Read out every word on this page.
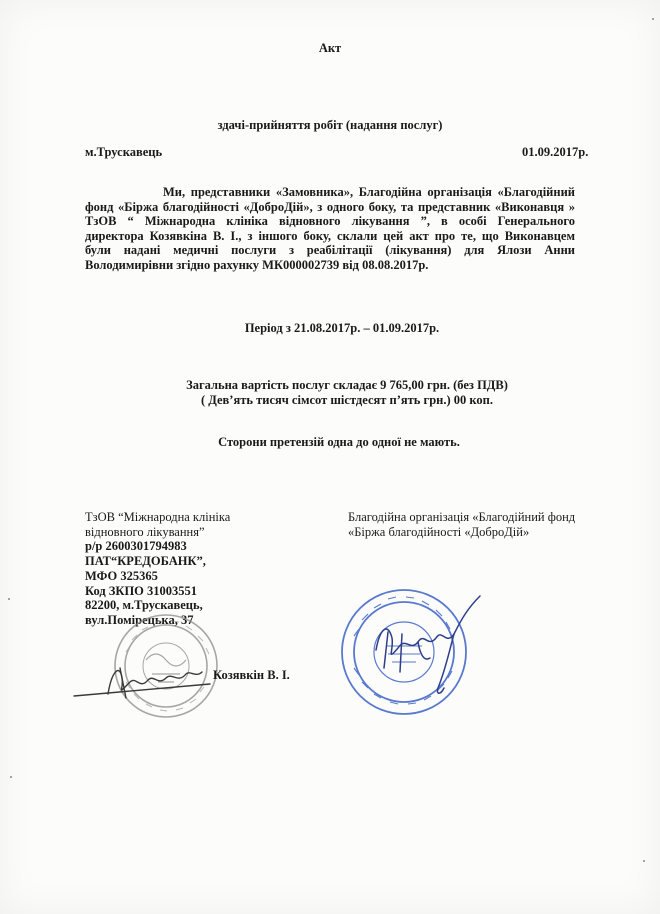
Акт
здачі-прийняття робіт (надання послуг)
м.Трускавець	01.09.2017р.
Ми, представники «Замовника», Благодійна організація «Благодійний
фонд «Біржа благодійності «ДоброДій», з одного боку, та представник «Виконавця »
ТзОВ “ Міжнародна клініка відновного лікування ”, в особі Генерального
директора Козявкіна В. І., з іншого боку, склали цей акт про те, що Виконавцем
були надані медичні послуги з реабілітації (лікування) для Ялози Анни
Володимирівни згідно рахунку МК000002739 від 08.08.2017р.
Період з 21.08.2017р. – 01.09.2017р.
Загальна вартість послуг складає 9 765,00 грн. (без ПДВ)
( Дев’ять тисяч сімсот шістдесят п’ять грн.) 00 коп.
Сторони претензій одна до одної не мають.
ТзОВ “Міжнародна клініка
відновного лікування”
р/р 2600301794983
ПАТ“КРЕДОБАНК”,
МФО 325365
Код ЗКПО 31003551
82200, м.Трускавець,
вул.Помірецька, 37
Благодійна організація «Благодійний фонд
«Біржа благодійності «ДоброДій»
Козявкін В. І.
